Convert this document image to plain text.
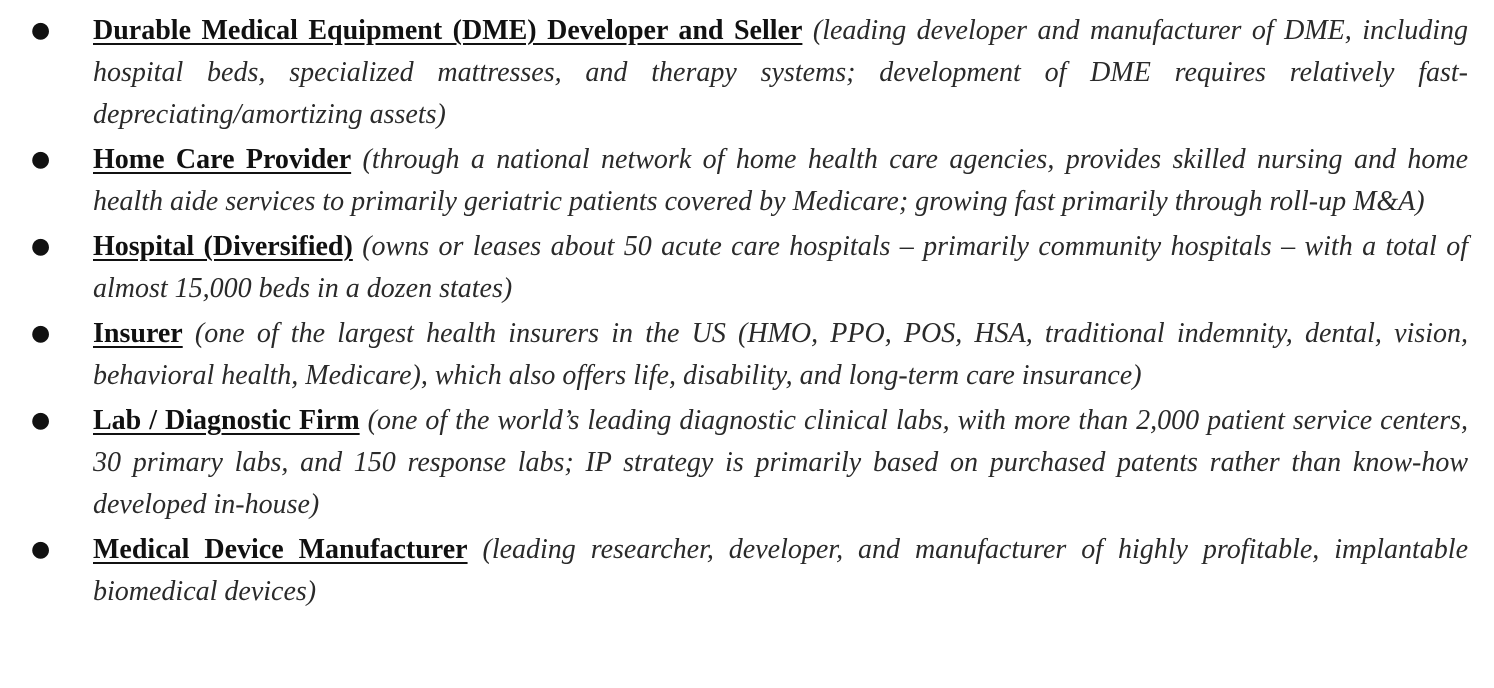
● Durable Medical Equipment (DME) Developer and Seller (leading developer and manufacturer of DME, including hospital beds, specialized mattresses, and therapy systems; development of DME requires relatively fast-depreciating/amortizing assets)
● Home Care Provider (through a national network of home health care agencies, provides skilled nursing and home health aide services to primarily geriatric patients covered by Medicare; growing fast primarily through roll-up M&A)
● Hospital (Diversified) (owns or leases about 50 acute care hospitals – primarily community hospitals – with a total of almost 15,000 beds in a dozen states)
● Insurer (one of the largest health insurers in the US (HMO, PPO, POS, HSA, traditional indemnity, dental, vision, behavioral health, Medicare), which also offers life, disability, and long-term care insurance)
● Lab / Diagnostic Firm (one of the world’s leading diagnostic clinical labs, with more than 2,000 patient service centers, 30 primary labs, and 150 response labs; IP strategy is primarily based on purchased patents rather than know-how developed in-house)
● Medical Device Manufacturer (leading researcher, developer, and manufacturer of highly profitable, implantable biomedical devices)
